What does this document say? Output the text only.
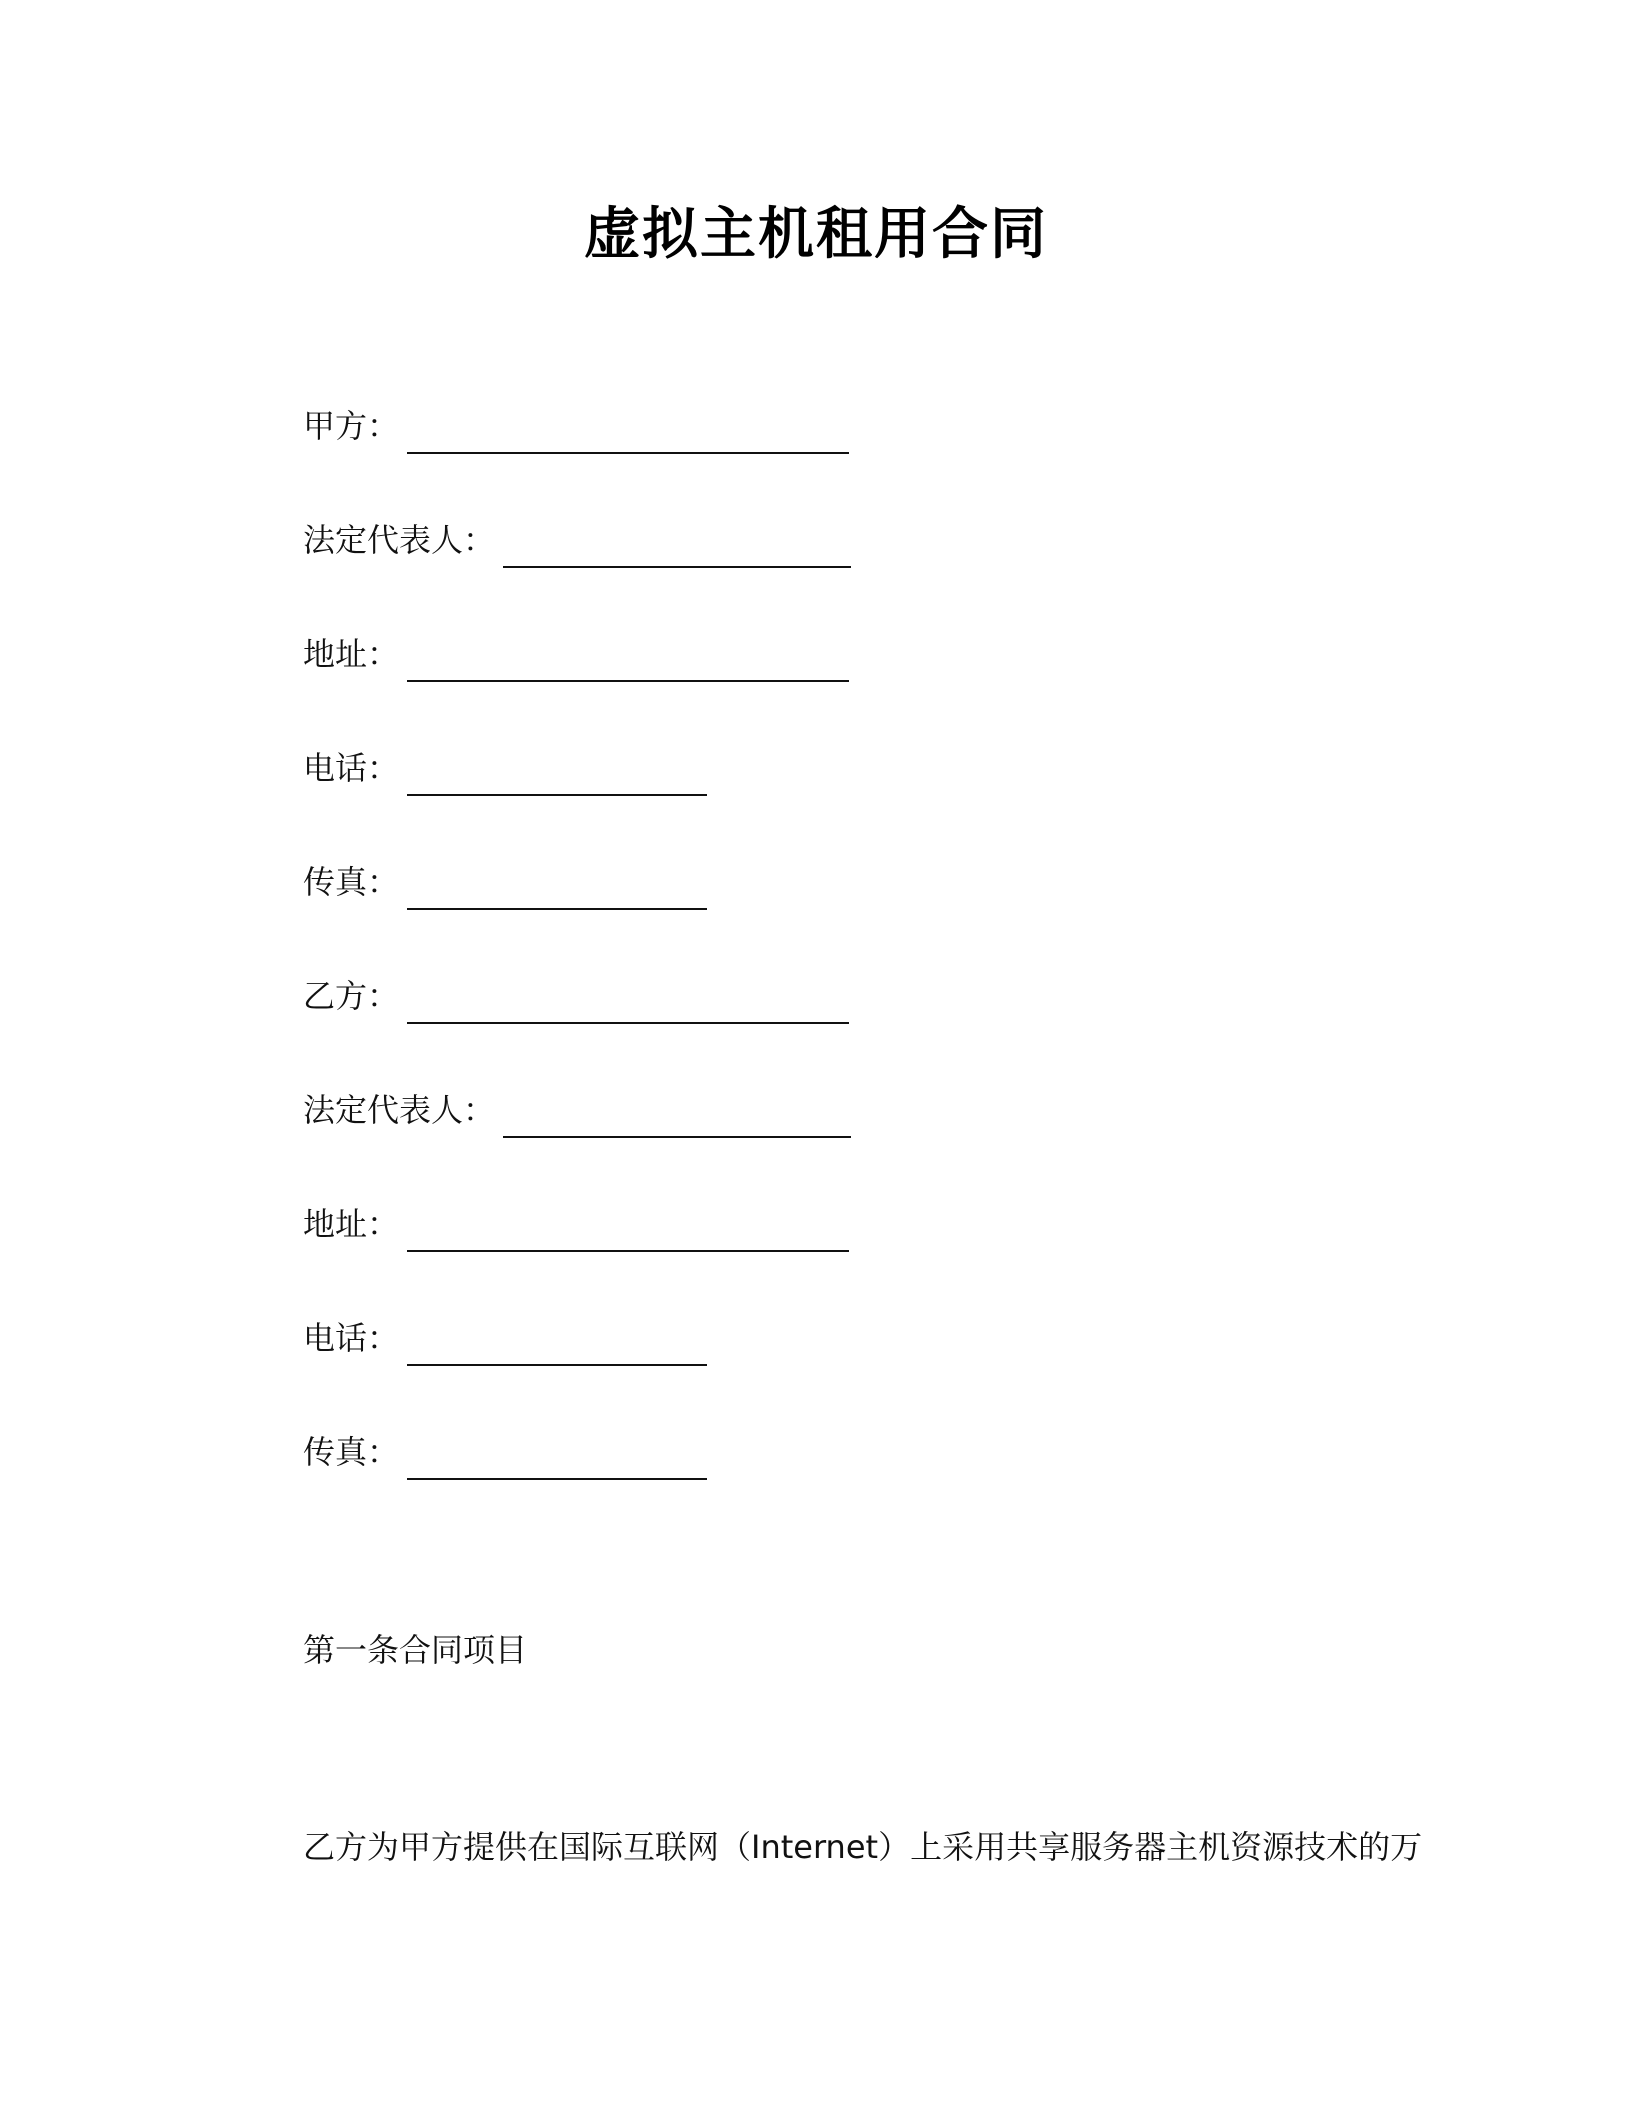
虚拟主机租用合同
甲方：
法定代表人：
地址：
电话：
传真：
乙方：
法定代表人：
地址：
电话：
传真：
第一条合同项目
乙方为甲方提供在国际互联网（Internet）上采用共享服务器主机资源技术的万
